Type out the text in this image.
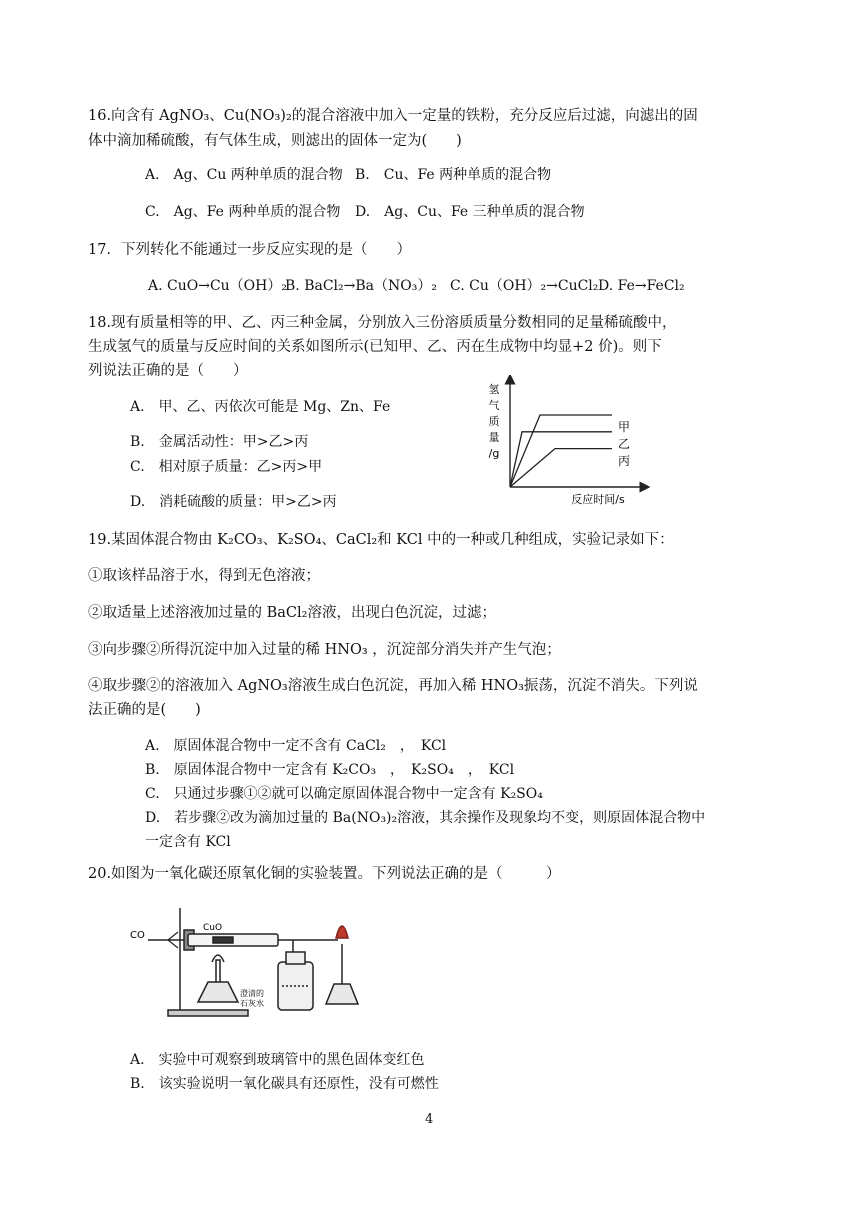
16.向含有 AgNO₃、Cu(NO₃)₂的混合溶液中加入一定量的铁粉，充分反应后过滤，向滤出的固
体中滴加稀硫酸，有气体生成，则滤出的固体一定为(　　)
A.　Ag、Cu 两种单质的混合物 B.　Cu、Fe 两种单质的混合物
C.　Ag、Fe 两种单质的混合物 D.　Ag、Cu、Fe 三种单质的混合物
17．下列转化不能通过一步反应实现的是（　　）
A. CuO→Cu（OH）₂
B. BaCl₂→Ba（NO₃）₂ C. Cu（OH）₂→CuCl₂ D. Fe→FeCl₂
18.现有质量相等的甲、乙、丙三种金属，分别放入三份溶质质量分数相同的足量稀硫酸中，
生成氢气的质量与反应时间的关系如图所示(已知甲、乙、丙在生成物中均显+2 价)。则下
列说法正确的是（　　）
A.　甲、乙、丙依次可能是 Mg、Zn、Fe
B.　金属活动性：甲>乙>丙
C.　相对原子质量：乙>丙>甲
D.　消耗硫酸的质量：甲>乙>丙
氢
气
质
量
/g
反应时间/s
甲
乙
丙
19.某固体混合物由 K₂CO₃、K₂SO₄、CaCl₂和 KCl 中的一种或几种组成，实验记录如下：
①取该样品溶于水，得到无色溶液；
②取适量上述溶液加过量的 BaCl₂溶液，出现白色沉淀，过滤；
③向步骤②所得沉淀中加入过量的稀 HNO₃ ，沉淀部分消失并产生气泡；
④取步骤②的溶液加入 AgNO₃溶液生成白色沉淀，再加入稀 HNO₃振荡，沉淀不消失。下列说
法正确的是(　　)
A.　原固体混合物中一定不含有 CaCl₂　，　KCl
B.　原固体混合物中一定含有 K₂CO₃　，　K₂SO₄　，　KCl
C.　只通过步骤①②就可以确定原固体混合物中一定含有 K₂SO₄
D.　若步骤②改为滴加过量的 Ba(NO₃)₂溶液，其余操作及现象均不变，则原固体混合物中
一定含有 KCl
20.如图为一氧化碳还原氧化铜的实验装置。下列说法正确的是（　　　）
CO
CuO
澄清的
石灰水
A.　实验中可观察到玻璃管中的黑色固体变红色
B.　该实验说明一氧化碳具有还原性，没有可燃性
4
